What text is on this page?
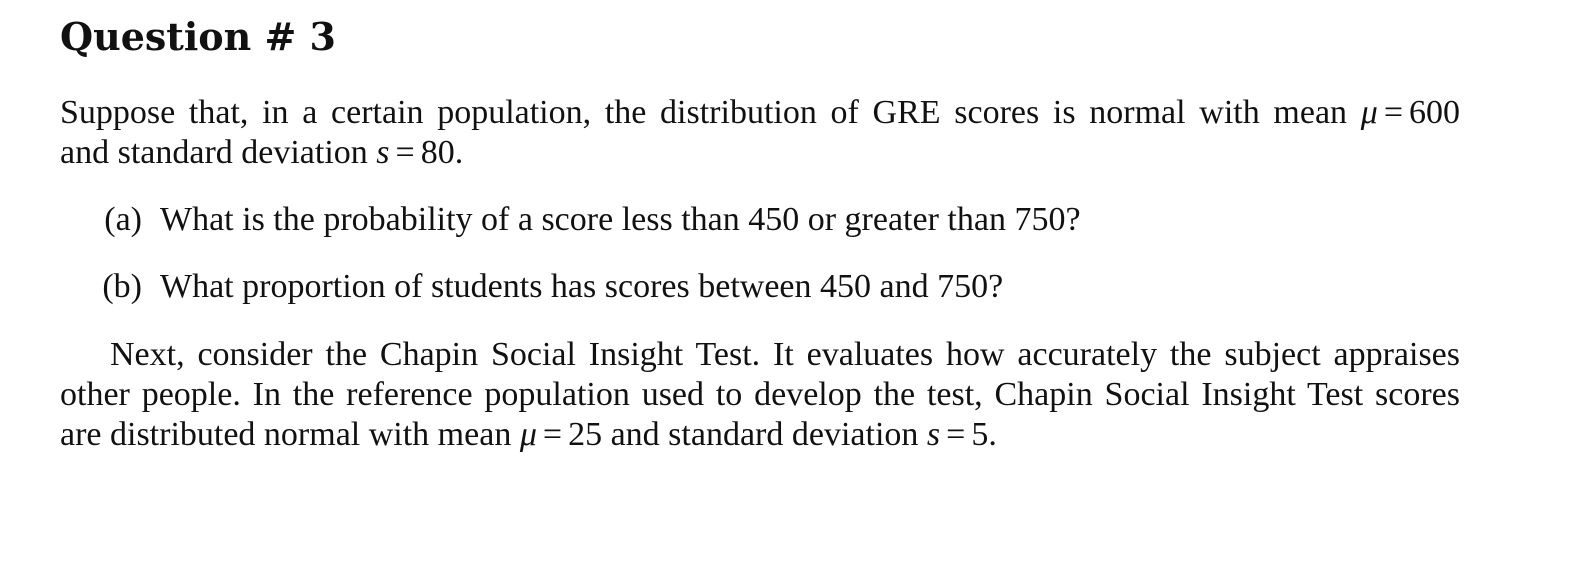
Question # 3

Suppose that, in a certain population, the distribution of GRE scores is normal with mean μ = 600
and standard deviation s = 80.

(a) What is the probability of a score less than 450 or greater than 750?

(b) What proportion of students has scores between 450 and 750?

Next, consider the Chapin Social Insight Test. It evaluates how accurately the subject appraises
other people. In the reference population used to develop the test, Chapin Social Insight Test scores
are distributed normal with mean μ = 25 and standard deviation s = 5.
